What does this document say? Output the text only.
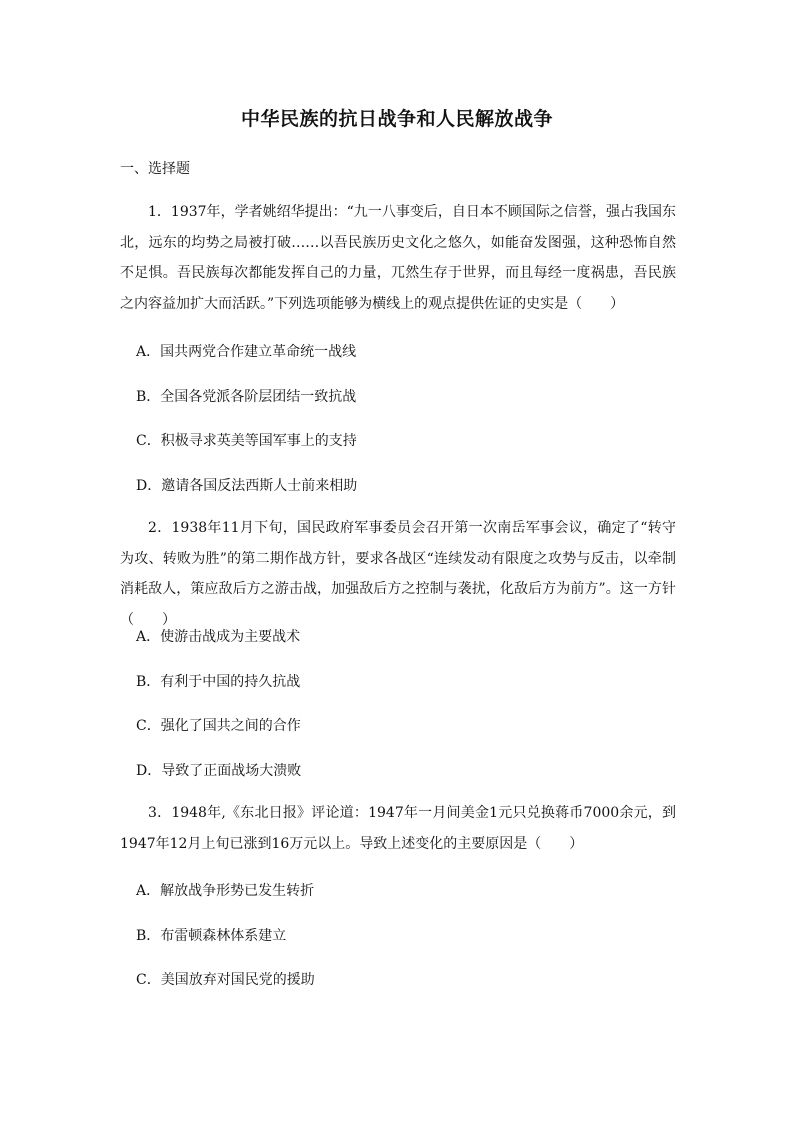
中华民族的抗日战争和人民解放战争
一、选择题
1．1937年，学者姚绍华提出：“九一八事变后，自日本不顾国际之信誉，强占我国东北，远东的均势之局被打破……以吾民族历史文化之悠久，如能奋发图强，这种恐怖自然不足惧。吾民族每次都能发挥自己的力量，兀然生存于世界，而且每经一度祸患，吾民族之内容益加扩大而活跃。”下列选项能够为横线上的观点提供佐证的史实是（　　）
A．国共两党合作建立革命统一战线
B．全国各党派各阶层团结一致抗战
C．积极寻求英美等国军事上的支持
D．邀请各国反法西斯人士前来相助
2．1938年11月下旬，国民政府军事委员会召开第一次南岳军事会议，确定了“转守为攻、转败为胜”的第二期作战方针，要求各战区“连续发动有限度之攻势与反击，以牵制消耗敌人，策应敌后方之游击战，加强敌后方之控制与袭扰，化敌后方为前方”。这一方针（　　）
A．使游击战成为主要战术
B．有利于中国的持久抗战
C．强化了国共之间的合作
D．导致了正面战场大溃败
3．1948年,《东北日报》评论道：1947年一月间美金1元只兑换蒋币7000余元，到1947年12月上旬已涨到16万元以上。导致上述变化的主要原因是（　　）
A．解放战争形势已发生转折
B．布雷顿森林体系建立
C．美国放弃对国民党的援助
